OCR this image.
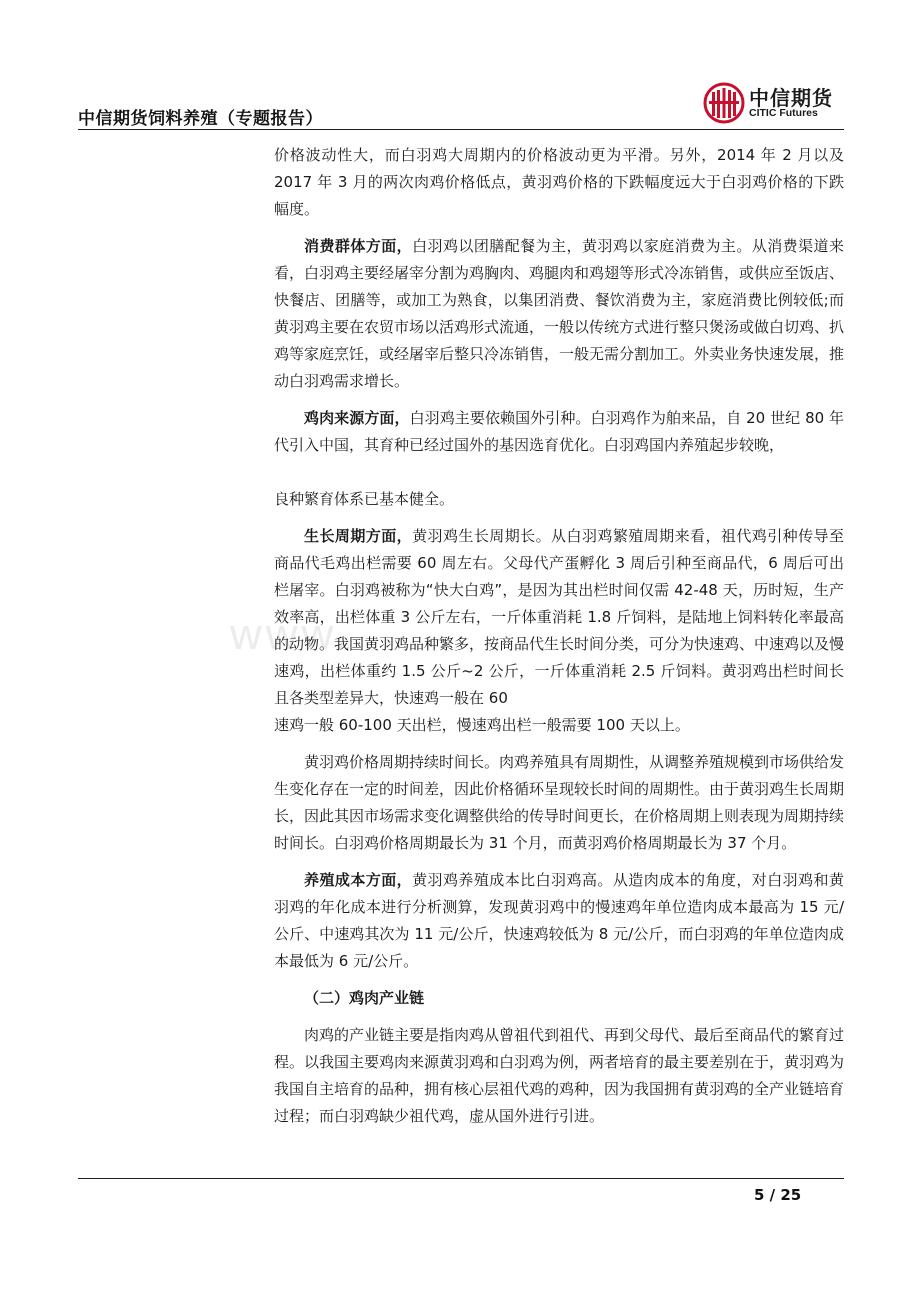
中信期货饲料养殖（专题报告）
中信期货
CITIC Futures
www.

价格波动性大，而白羽鸡大周期内的价格波动更为平滑。另外，2014 年 2 月以及 2017 年 3 月的两次肉鸡价格低点，黄羽鸡价格的下跌幅度远大于白羽鸡价格的下跌幅度。

消费群体方面，白羽鸡以团膳配餐为主，黄羽鸡以家庭消费为主。从消费渠道来看，白羽鸡主要经屠宰分割为鸡胸肉、鸡腿肉和鸡翅等形式冷冻销售，或供应至饭店、快餐店、团膳等，或加工为熟食，以集团消费、餐饮消费为主，家庭消费比例较低;而黄羽鸡主要在农贸市场以活鸡形式流通，一般以传统方式进行整只煲汤或做白切鸡、扒鸡等家庭烹饪，或经屠宰后整只冷冻销售，一般无需分割加工。外卖业务快速发展，推动白羽鸡需求增长。

鸡肉来源方面，白羽鸡主要依赖国外引种。白羽鸡作为舶来品，自 20 世纪 80 年代引入中国，其育种已经过国外的基因选育优化。白羽鸡国内养殖起步较晚，

良种繁育体系已基本健全。

生长周期方面，黄羽鸡生长周期长。从白羽鸡繁殖周期来看，祖代鸡引种传导至商品代毛鸡出栏需要 60 周左右。父母代产蛋孵化 3 周后引种至商品代，6 周后可出栏屠宰。白羽鸡被称为“快大白鸡”，是因为其出栏时间仅需 42-48 天，历时短，生产效率高，出栏体重 3 公斤左右，一斤体重消耗 1.8 斤饲料，是陆地上饲料转化率最高的动物。我国黄羽鸡品种繁多，按商品代生长时间分类，可分为快速鸡、中速鸡以及慢速鸡，出栏体重约 1.5 公斤~2 公斤，一斤体重消耗 2.5 斤饲料。黄羽鸡出栏时间长且各类型差异大，快速鸡一般在 60

速鸡一般 60-100 天出栏，慢速鸡出栏一般需要 100 天以上。

黄羽鸡价格周期持续时间长。肉鸡养殖具有周期性，从调整养殖规模到市场供给发生变化存在一定的时间差，因此价格循环呈现较长时间的周期性。由于黄羽鸡生长周期长，因此其因市场需求变化调整供给的传导时间更长，在价格周期上则表现为周期持续时间长。白羽鸡价格周期最长为 31 个月，而黄羽鸡价格周期最长为 37 个月。

养殖成本方面，黄羽鸡养殖成本比白羽鸡高。从造肉成本的角度，对白羽鸡和黄羽鸡的年化成本进行分析测算，发现黄羽鸡中的慢速鸡年单位造肉成本最高为 15 元/公斤、中速鸡其次为 11 元/公斤，快速鸡较低为 8 元/公斤，而白羽鸡的年单位造肉成本最低为 6 元/公斤。

（二）鸡肉产业链

肉鸡的产业链主要是指肉鸡从曾祖代到祖代、再到父母代、最后至商品代的繁育过程。以我国主要鸡肉来源黄羽鸡和白羽鸡为例，两者培育的最主要差别在于，黄羽鸡为我国自主培育的品种，拥有核心层祖代鸡的鸡种，因为我国拥有黄羽鸡的全产业链培育过程；而白羽鸡缺少祖代鸡，虚从国外进行引进。

5 / 25
